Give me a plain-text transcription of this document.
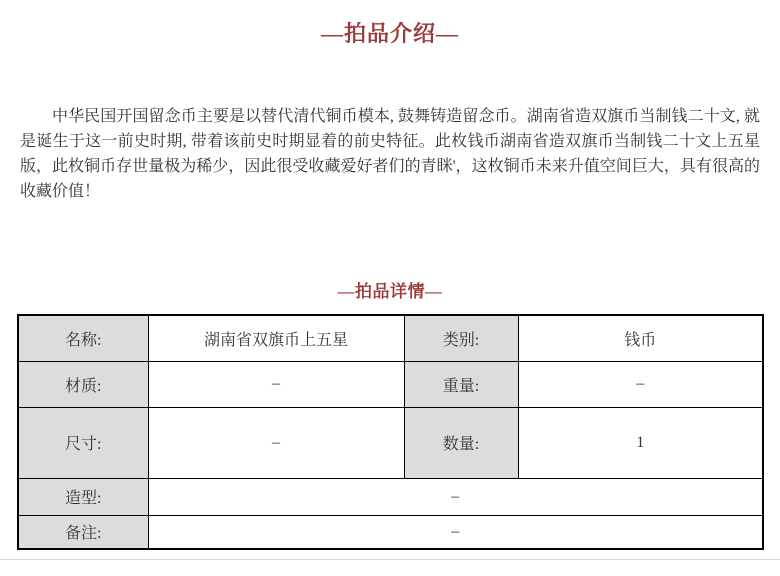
—拍品介绍—
中华民国开国留念币主要是以替代清代铜币模本, 鼓舞铸造留念币。湖南省造双旗币当制钱二十文, 就是诞生于这一前史时期, 带着该前史时期显着的前史特征。此枚钱币湖南省造双旗币当制钱二十文上五星版，此枚铜币存世量极为稀少，因此很受收藏爱好者们的青眯'，这枚铜币未来升值空间巨大，具有很高的收藏价值！
—拍品详情—
名称:	湖南省双旗币上五星	类别:	钱币
材质:	–	重量:	–
尺寸:	–	数量:	1
造型:	–		
备注:	–		
